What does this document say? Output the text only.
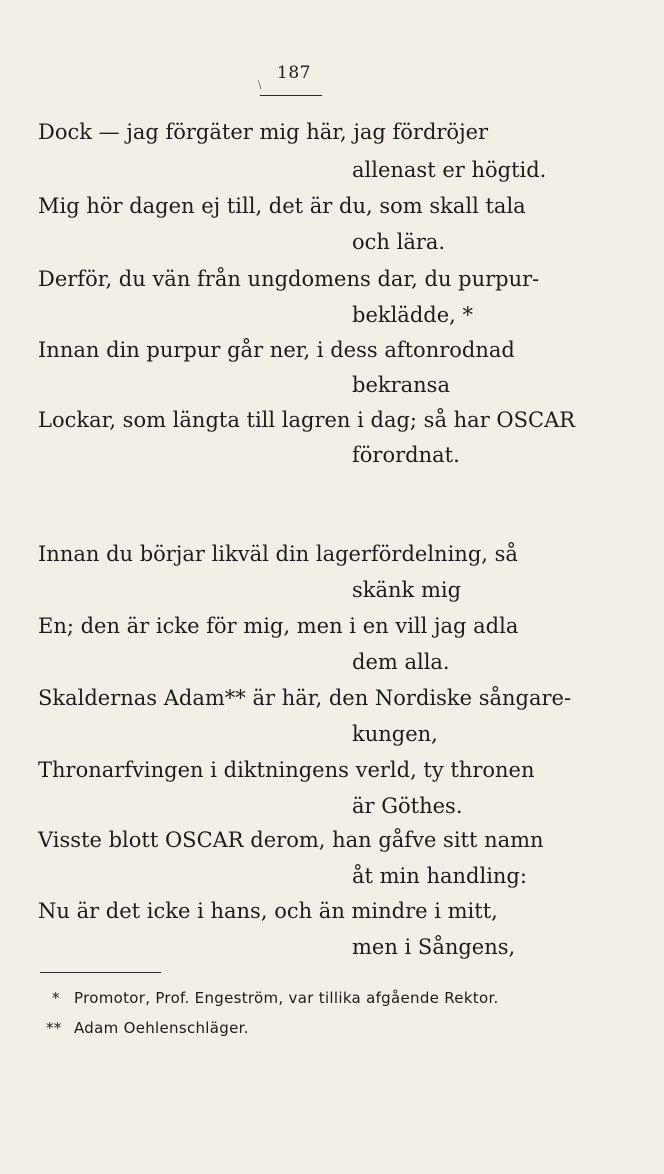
187
\
Dock — jag förgäter mig här, jag fördröjer
allenast er högtid.
Mig hör dagen ej till, det är du, som skall tala
och lära.
Derför, du vän från ungdomens dar, du purpur-
beklädde, *
Innan din purpur går ner, i dess aftonrodnad
bekransa
Lockar, som längta till lagren i dag; så har OSCAR
förordnat.
Innan du börjar likväl din lagerfördelning, så
skänk mig
En; den är icke för mig, men i en vill jag adla
dem alla.
Skaldernas Adam** är här, den Nordiske sångare-
kungen,
Thronarfvingen i diktningens verld, ty thronen
är Göthes.
Visste blott OSCAR derom, han gåfve sitt namn
åt min handling:
Nu är det icke i hans, och än mindre i mitt,
men i Sångens,
* Promotor, Prof. Engeström, var tillika afgående Rektor.
** Adam Oehlenschläger.
